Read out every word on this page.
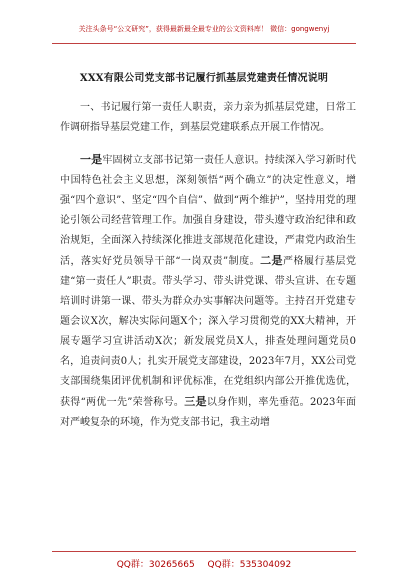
关注头条号“公文研究”，获得最新最全最专业的公文资料库！ 微信：gongwenyj
XXX有限公司党支部书记履行抓基层党建责任情况说明

一、书记履行第一责任人职责，亲力亲为抓基层党建，日常工作调研指导基层党建工作，到基层党建联系点开展工作情况。

一是牢固树立支部书记第一责任人意识。持续深入学习新时代中国特色社会主义思想，深刻领悟“两个确立”的决定性意义，增强“四个意识”、坚定“四个自信”、做到“两个维护”，坚持用党的理论引领公司经营管理工作。加强自身建设，带头遵守政治纪律和政治规矩，全面深入持续深化推进支部规范化建设，严肃党内政治生活，落实好党员领导干部“一岗双责”制度。二是严格履行基层党建“第一责任人”职责。带头学习、带头讲党课、带头宣讲、在专题培训时讲第一课、带头为群众办实事解决问题等。主持召开党建专题会议X次，解决实际问题X个；深入学习贯彻党的XX大精神，开展专题学习宣讲活动X次；新发展党员X人，排查处理问题党员0名，追责问责0人；扎实开展党支部建设，2023年7月，XX公司党支部围绕集团评优机制和评优标准，在党组织内部公开推优选优，获得“两优一先”荣誉称号。三是以身作则，率先垂范。2023年面对严峻复杂的环境，作为党支部书记，我主动增

QQ群：30265665 QQ群：535304092
